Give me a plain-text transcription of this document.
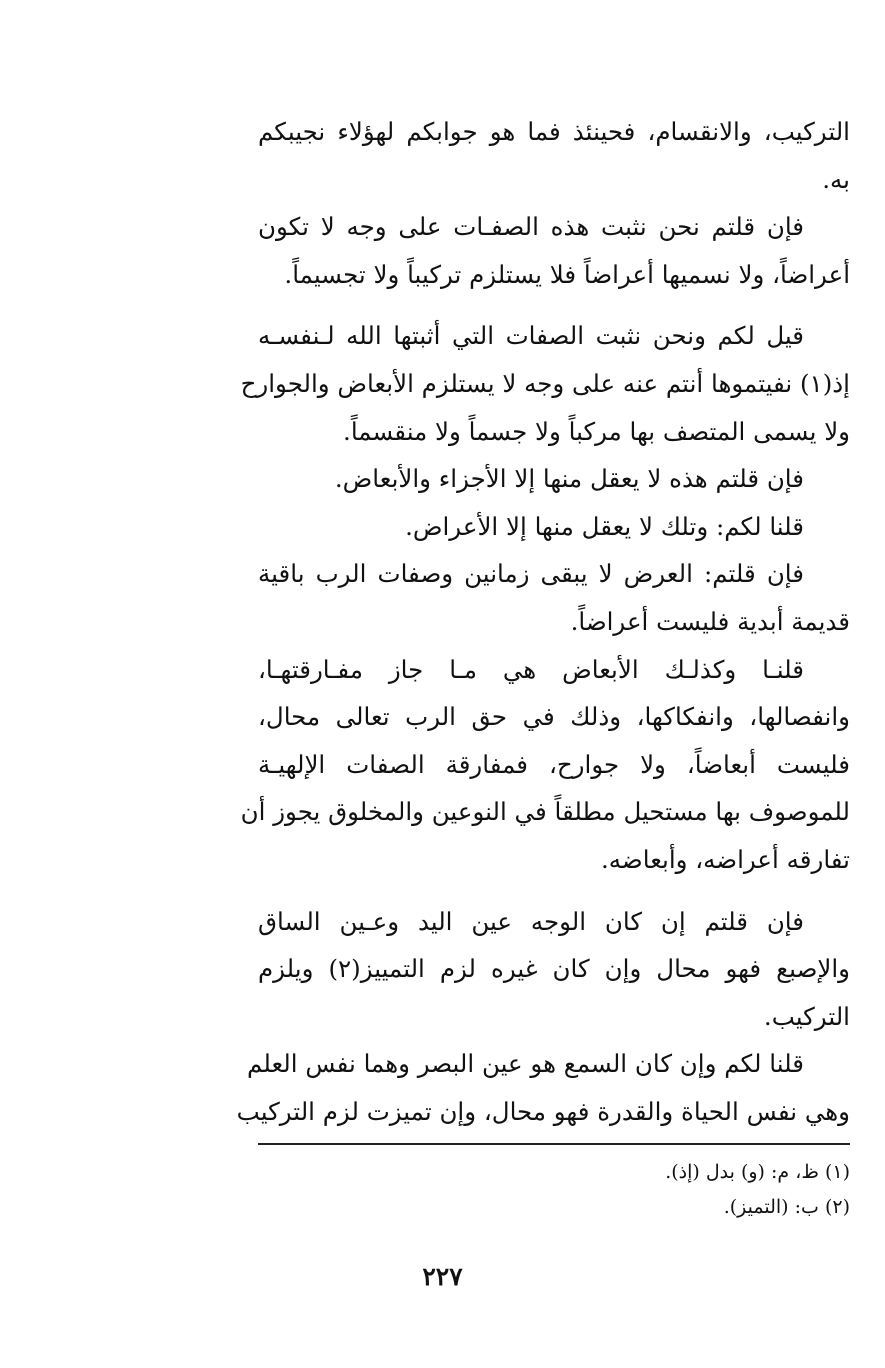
التركيب، والانقسام، فحينئذ فما هو جوابكم لهؤلاء نجيبكم
به.
فإن قلتم نحن نثبت هذه الصفـات على وجه لا تكون
أعراضاً، ولا نسميها أعراضاً فلا يستلزم تركيباً ولا تجسيماً.
قيل لكم ونحن نثبت الصفات التي أثبتها الله لـنفسـه
إذ(١) نفيتموها أنتم عنه على وجه لا يستلزم الأبعاض والجوارح
ولا يسمى المتصف بها مركباً ولا جسماً ولا منقسماً.
فإن قلتم هذه لا يعقل منها إلا الأجزاء والأبعاض.
قلنا لكم: وتلك لا يعقل منها إلا الأعراض.
فإن قلتم: العرض لا يبقى زمانين وصفات الرب باقية
قديمة أبدية فليست أعراضاً.
قلنـا وكذلـك الأبعاض هي مـا جاز مفـارقتهـا،
وانفصالها، وانفكاكها، وذلك في حق الرب تعالى محال،
فليست أبعاضاً، ولا جوارح، فمفارقة الصفات الإلهيـة
للموصوف بها مستحيل مطلقاً في النوعين والمخلوق يجوز أن
تفارقه أعراضه، وأبعاضه.
فإن قلتم إن كان الوجه عين اليد وعـين الساق
والإصبع فهو محال وإن كان غيره لزم التمييز(٢) ويلزم
التركيب.
قلنا لكم وإن كان السمع هو عين البصر وهما نفس العلم
وهي نفس الحياة والقدرة فهو محال، وإن تميزت لزم التركيب
(١) ظ، م: (و) بدل (إذ).
(٢) ب: (التميز).
٢٢٧
